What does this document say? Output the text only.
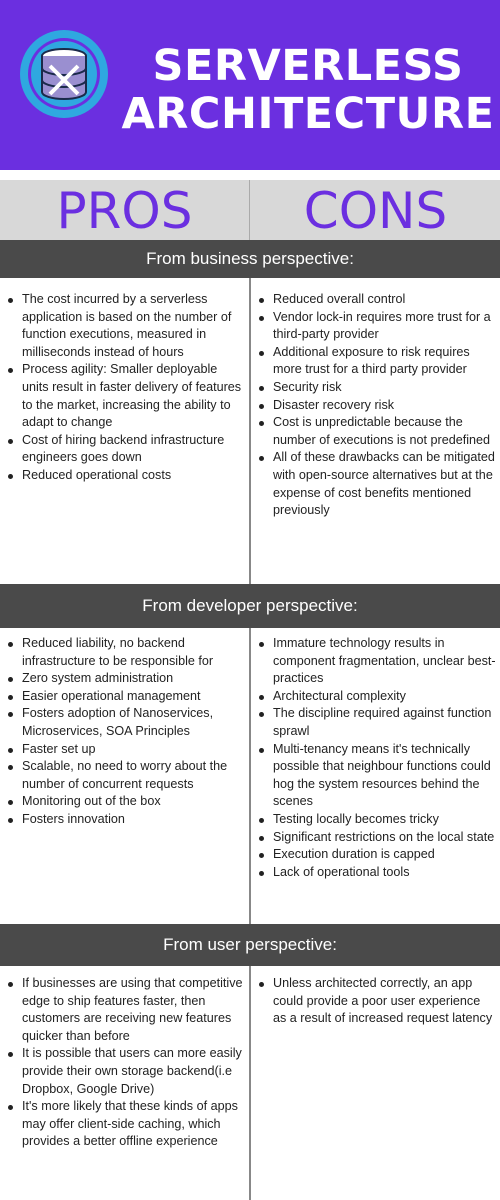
SERVERLESS
ARCHITECTURE
PROS	CONS
From business perspective:
The cost incurred by a serverless application is based on the number of function executions, measured in milliseconds instead of hours
Process agility: Smaller deployable units result in faster delivery of features to the market, increasing the ability to adapt to change
Cost of hiring backend infrastructure engineers goes down
Reduced operational costs
Reduced overall control
Vendor lock-in requires more trust for a third-party provider
Additional exposure to risk requires more trust for a third party provider
Security risk
Disaster recovery risk
Cost is unpredictable because the number of executions is not predefined
All of these drawbacks can be mitigated with open-source alternatives but at the expense of cost benefits mentioned previously
From developer perspective:
Reduced liability, no backend infrastructure to be responsible for
Zero system administration
Easier operational management
Fosters adoption of Nanoservices, Microservices, SOA Principles
Faster set up
Scalable, no need to worry about the number of concurrent requests
Monitoring out of the box
Fosters innovation
Immature technology results in component fragmentation, unclear best-practices
Architectural complexity
The discipline required against function sprawl
Multi-tenancy means it's technically possible that neighbour functions could hog the system resources behind the scenes
Testing locally becomes tricky
Significant restrictions on the local state
Execution duration is capped
Lack of operational tools
From user perspective:
If businesses are using that competitive edge to ship features faster, then customers are receiving new features quicker than before
It is possible that users can more easily provide their own storage backend(i.e Dropbox, Google Drive)
It's more likely that these kinds of apps may offer client-side caching, which provides a better offline experience
Unless architected correctly, an app could provide a poor user experience as a result of increased request latency
